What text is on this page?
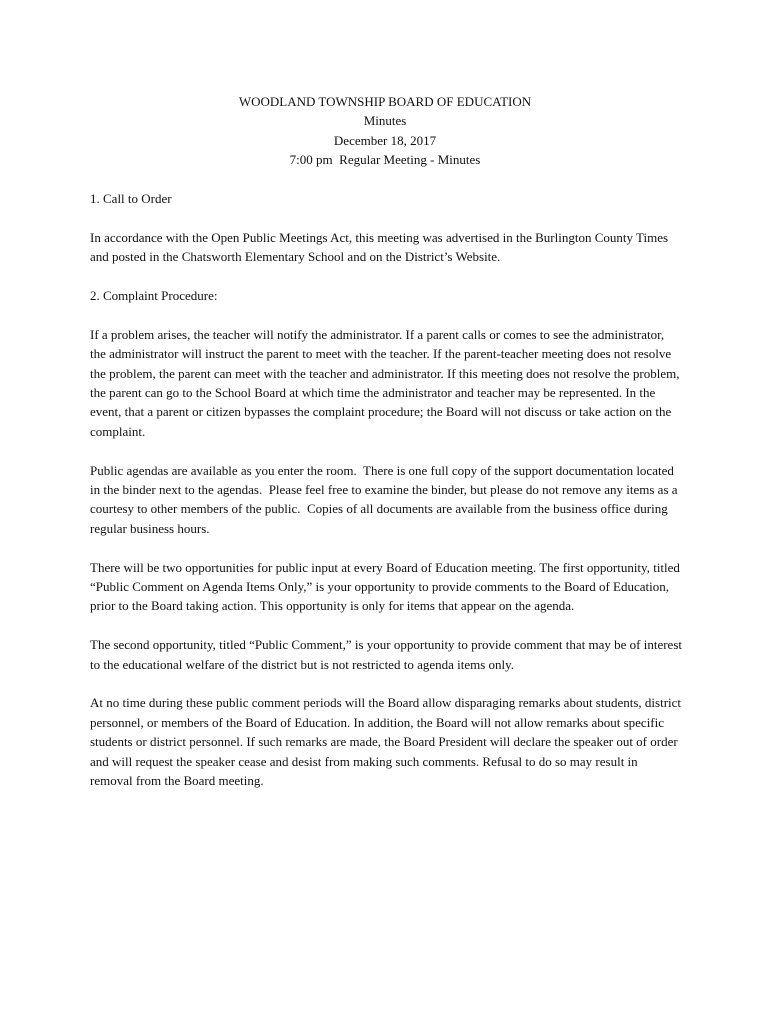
WOODLAND TOWNSHIP BOARD OF EDUCATION
Minutes
December 18, 2017
7:00 pm  Regular Meeting - Minutes

1. Call to Order

In accordance with the Open Public Meetings Act, this meeting was advertised in the Burlington County Times and posted in the Chatsworth Elementary School and on the District’s Website.

2. Complaint Procedure:

If a problem arises, the teacher will notify the administrator. If a parent calls or comes to see the administrator, the administrator will instruct the parent to meet with the teacher. If the parent-teacher meeting does not resolve the problem, the parent can meet with the teacher and administrator. If this meeting does not resolve the problem, the parent can go to the School Board at which time the administrator and teacher may be represented. In the event, that a parent or citizen bypasses the complaint procedure; the Board will not discuss or take action on the complaint.

Public agendas are available as you enter the room.  There is one full copy of the support documentation located in the binder next to the agendas.  Please feel free to examine the binder, but please do not remove any items as a courtesy to other members of the public.  Copies of all documents are available from the business office during regular business hours.

There will be two opportunities for public input at every Board of Education meeting. The first opportunity, titled “Public Comment on Agenda Items Only,” is your opportunity to provide comments to the Board of Education, prior to the Board taking action. This opportunity is only for items that appear on the agenda.

The second opportunity, titled “Public Comment,” is your opportunity to provide comment that may be of interest to the educational welfare of the district but is not restricted to agenda items only.

At no time during these public comment periods will the Board allow disparaging remarks about students, district personnel, or members of the Board of Education. In addition, the Board will not allow remarks about specific students or district personnel. If such remarks are made, the Board President will declare the speaker out of order and will request the speaker cease and desist from making such comments. Refusal to do so may result in removal from the Board meeting.
